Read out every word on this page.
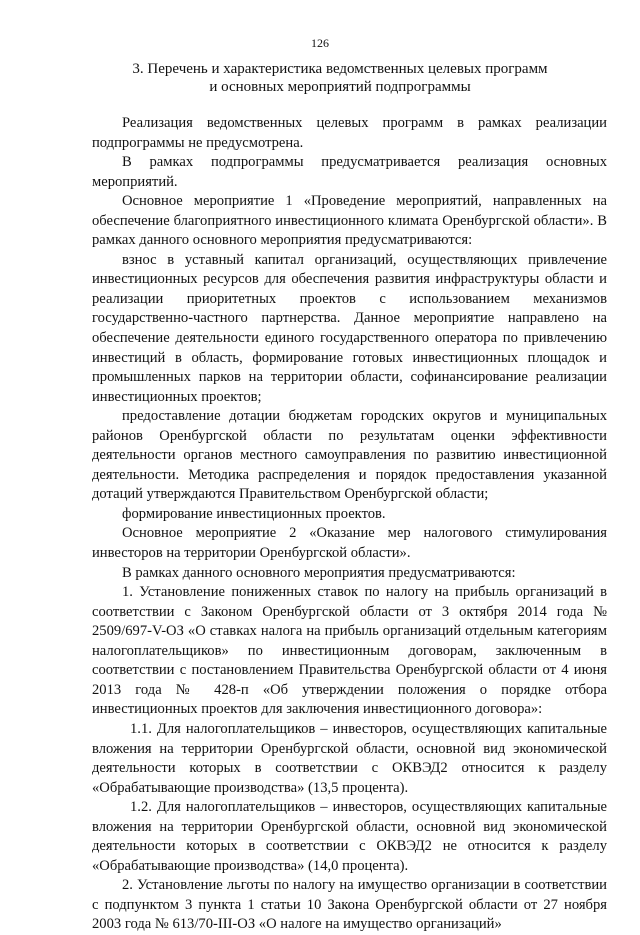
126
3. Перечень и характеристика ведомственных целевых программ
и основных мероприятий подпрограммы

Реализация ведомственных целевых программ в рамках реализации подпрограммы не предусмотрена.

В рамках подпрограммы предусматривается реализация основных мероприятий.

Основное мероприятие 1 «Проведение мероприятий, направленных на обеспечение благоприятного инвестиционного климата Оренбургской области». В рамках данного основного мероприятия предусматриваются:

взнос в уставный капитал организаций, осуществляющих привлечение инвестиционных ресурсов для обеспечения развития инфраструктуры области и реализации приоритетных проектов с использованием механизмов государственно-частного партнерства. Данное мероприятие направлено на обеспечение деятельности единого государственного оператора по привлечению инвестиций в область, формирование готовых инвестиционных площадок и промышленных парков на территории области, софинансирование реализации инвестиционных проектов;

предоставление дотации бюджетам городских округов и муниципальных районов Оренбургской области по результатам оценки эффективности деятельности органов местного самоуправления по развитию инвестиционной деятельности. Методика распределения и порядок предоставления указанной дотаций утверждаются Правительством Оренбургской области;

формирование инвестиционных проектов.

Основное мероприятие 2 «Оказание мер налогового стимулирования инвесторов на территории Оренбургской области».

В рамках данного основного мероприятия предусматриваются:

1. Установление пониженных ставок по налогу на прибыль организаций в соответствии с Законом Оренбургской области от 3 октября 2014 года № 2509/697-V-ОЗ «О ставках налога на прибыль организаций отдельным категориям налогоплательщиков» по инвестиционным договорам, заключенным в соответствии с постановлением Правительства Оренбургской области от 4 июня 2013 года № 428-п «Об утверждении положения о порядке отбора инвестиционных проектов для заключения инвестиционного договора»:

1.1. Для налогоплательщиков – инвесторов, осуществляющих капитальные вложения на территории Оренбургской области, основной вид экономической деятельности которых в соответствии с ОКВЭД2 относится к разделу «Обрабатывающие производства» (13,5 процента).

1.2. Для налогоплательщиков – инвесторов, осуществляющих капитальные вложения на территории Оренбургской области, основной вид экономической деятельности которых в соответствии с ОКВЭД2 не относится к разделу «Обрабатывающие производства» (14,0 процента).

2. Установление льготы по налогу на имущество организации в соответствии с подпунктом 3 пункта 1 статьи 10 Закона Оренбургской области от 27 ноября 2003 года № 613/70-III-ОЗ «О налоге на имущество организаций»
